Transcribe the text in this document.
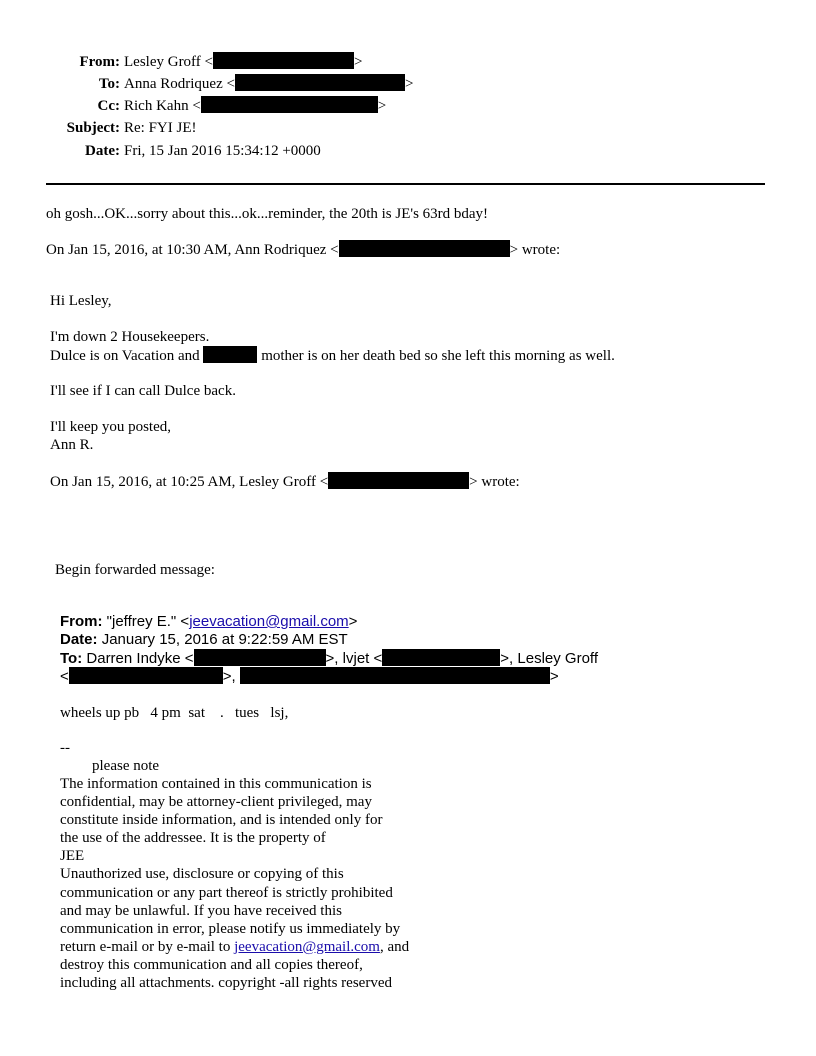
From: Lesley Groff <	>
To: Anna Rodriquez <	>
Cc: Rich Kahn <	>
Subject: Re: FYI JE!
Date: Fri, 15 Jan 2016 15:34:12 +0000
oh gosh...OK...sorry about this...ok...reminder, the 20th is JE's 63rd bday!
On Jan 15, 2016, at 10:30 AM, Ann Rodriquez <	> wrote:
Hi Lesley,
I'm down 2 Housekeepers.
Dulce is on Vacation and	mother is on her death bed so she left this morning as well.
I'll see if I can call Dulce back.
I'll keep you posted,
Ann R.
On Jan 15, 2016, at 10:25 AM, Lesley Groff <	> wrote:
Begin forwarded message:
From: "jeffrey E." <jeevacation@gmail.com>
Date: January 15, 2016 at 9:22:59 AM EST
To: Darren Indyke <	>, lvjet <	>, Lesley Groff
<	>,	>
wheels up pb   4 pm  sat    .   tues   lsj,
--
please note
The information contained in this communication is
confidential, may be attorney-client privileged, may
constitute inside information, and is intended only for
the use of the addressee. It is the property of
JEE
Unauthorized use, disclosure or copying of this
communication or any part thereof is strictly prohibited
and may be unlawful. If you have received this
communication in error, please notify us immediately by
return e-mail or by e-mail to jeevacation@gmail.com, and
destroy this communication and all copies thereof,
including all attachments. copyright -all rights reserved
